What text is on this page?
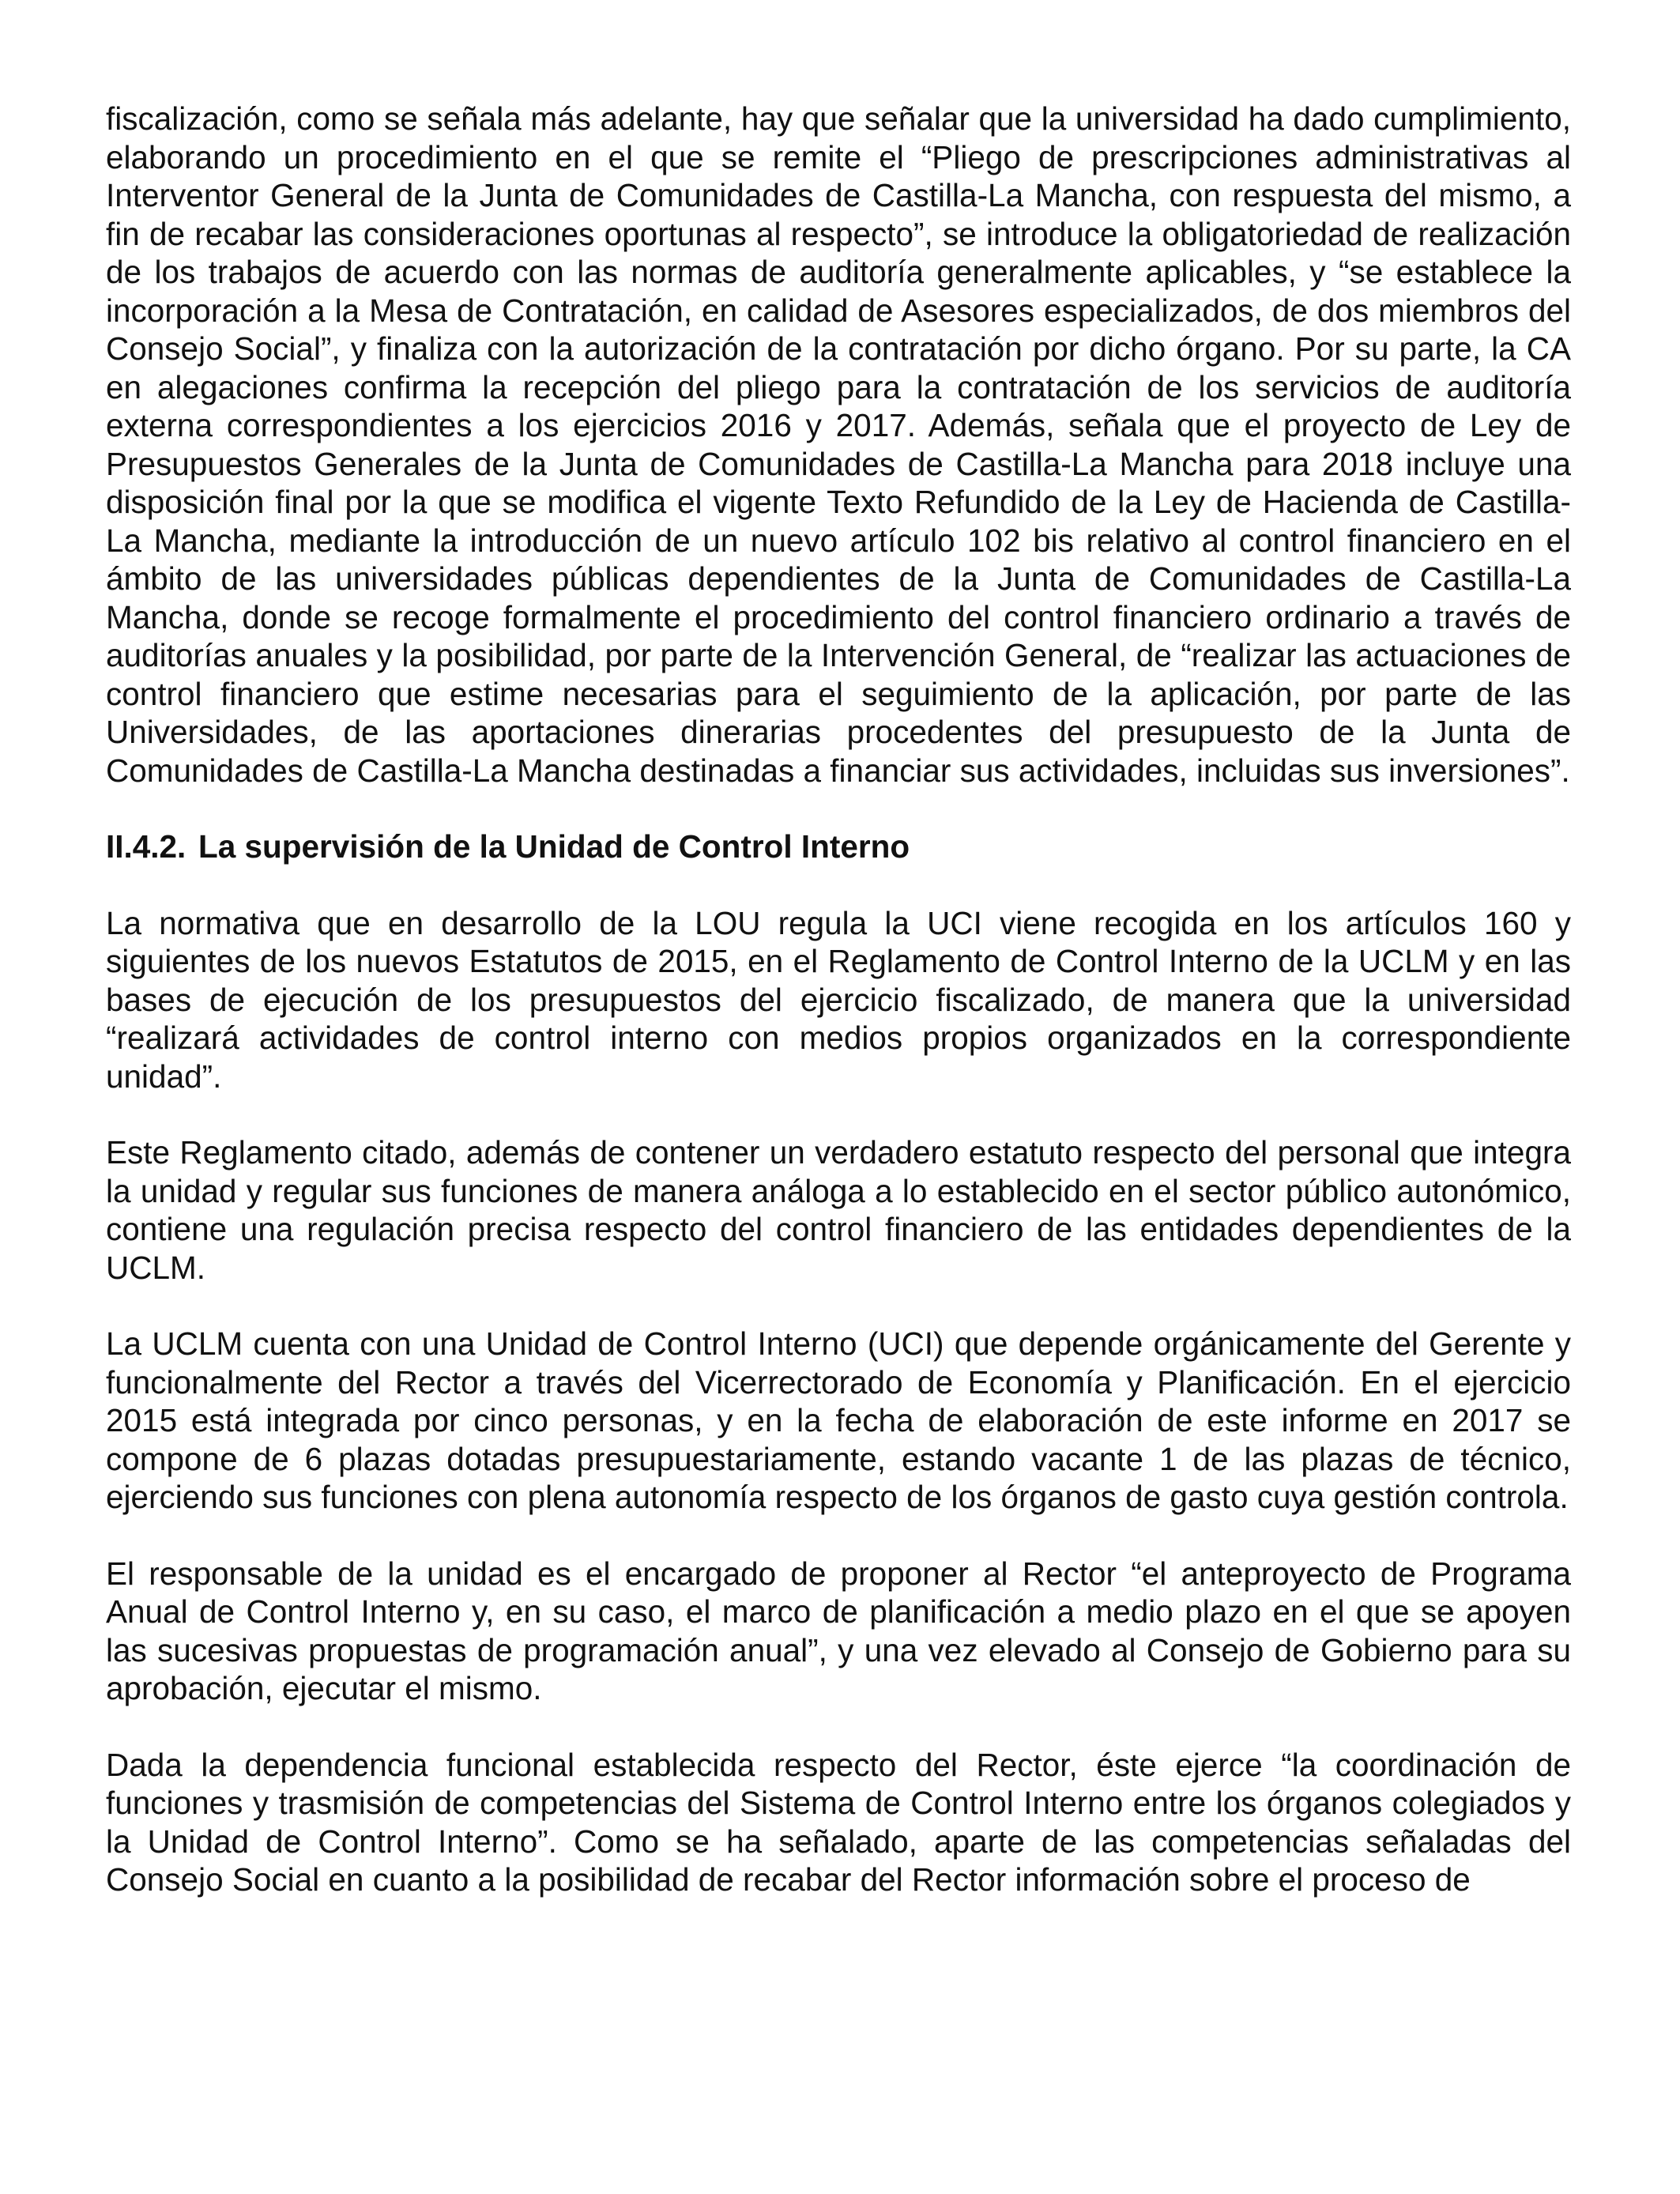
fiscalización, como se señala más adelante, hay que señalar que la universidad ha dado cumplimiento, elaborando un procedimiento en el que se remite el “Pliego de prescripciones administrativas al Interventor General de la Junta de Comunidades de Castilla-La Mancha, con respuesta del mismo, a fin de recabar las consideraciones oportunas al respecto”, se introduce la obligatoriedad de realización de los trabajos de acuerdo con las normas de auditoría generalmente aplicables, y “se establece la incorporación a la Mesa de Contratación, en calidad de Asesores especializados, de dos miembros del Consejo Social”, y finaliza con la autorización de la contratación por dicho órgano. Por su parte, la CA en alegaciones confirma la recepción del pliego para la contratación de los servicios de auditoría externa correspondientes a los ejercicios 2016 y 2017. Además, señala que el proyecto de Ley de Presupuestos Generales de la Junta de Comunidades de Castilla-La Mancha para 2018 incluye una disposición final por la que se modifica el vigente Texto Refundido de la Ley de Hacienda de Castilla-La Mancha, mediante la introducción de un nuevo artículo 102 bis relativo al control financiero en el ámbito de las universidades públicas dependientes de la Junta de Comunidades de Castilla-La Mancha, donde se recoge formalmente el procedimiento del control financiero ordinario a través de auditorías anuales y la posibilidad, por parte de la Intervención General, de “realizar las actuaciones de control financiero que estime necesarias para el seguimiento de la aplicación, por parte de las Universidades, de las aportaciones dinerarias procedentes del presupuesto de la Junta de Comunidades de Castilla-La Mancha destinadas a financiar sus actividades, incluidas sus inversiones”.

II.4.2. La supervisión de la Unidad de Control Interno

La normativa que en desarrollo de la LOU regula la UCI viene recogida en los artículos 160 y siguientes de los nuevos Estatutos de 2015, en el Reglamento de Control Interno de la UCLM y en las bases de ejecución de los presupuestos del ejercicio fiscalizado, de manera que la universidad “realizará actividades de control interno con medios propios organizados en la correspondiente unidad”.

Este Reglamento citado, además de contener un verdadero estatuto respecto del personal que integra la unidad y regular sus funciones de manera análoga a lo establecido en el sector público autonómico, contiene una regulación precisa respecto del control financiero de las entidades dependientes de la UCLM.

La UCLM cuenta con una Unidad de Control Interno (UCI) que depende orgánicamente del Gerente y funcionalmente del Rector a través del Vicerrectorado de Economía y Planificación. En el ejercicio 2015 está integrada por cinco personas, y en la fecha de elaboración de este informe en 2017 se compone de 6 plazas dotadas presupuestariamente, estando vacante 1 de las plazas de técnico, ejerciendo sus funciones con plena autonomía respecto de los órganos de gasto cuya gestión controla.

El responsable de la unidad es el encargado de proponer al Rector “el anteproyecto de Programa Anual de Control Interno y, en su caso, el marco de planificación a medio plazo en el que se apoyen las sucesivas propuestas de programación anual”, y una vez elevado al Consejo de Gobierno para su aprobación, ejecutar el mismo.

Dada la dependencia funcional establecida respecto del Rector, éste ejerce “la coordinación de funciones y trasmisión de competencias del Sistema de Control Interno entre los órganos colegiados y la Unidad de Control Interno”. Como se ha señalado, aparte de las competencias señaladas del Consejo Social en cuanto a la posibilidad de recabar del Rector información sobre el proceso de
